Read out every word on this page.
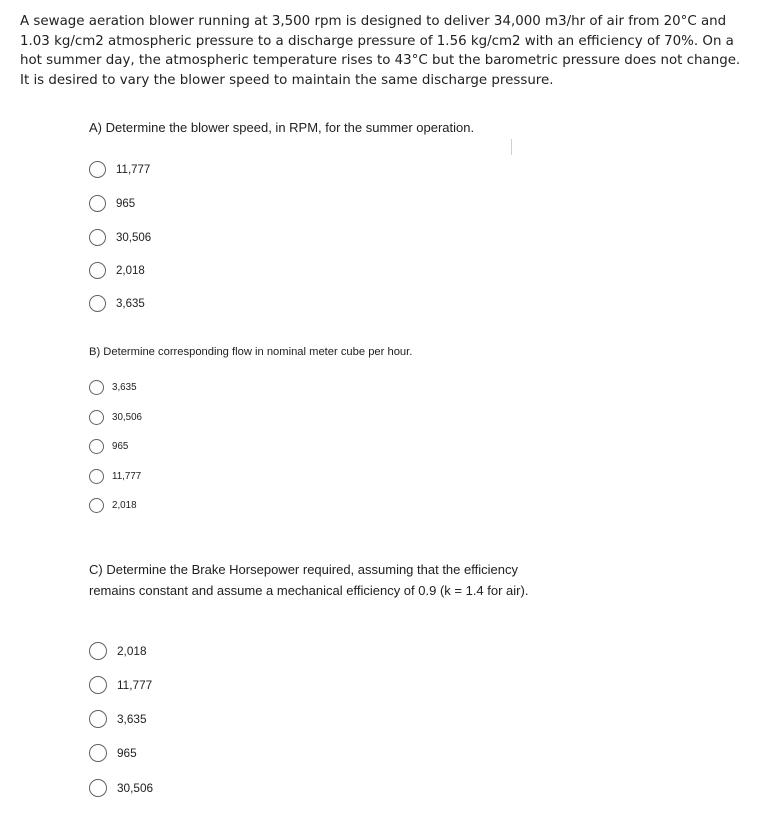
A sewage aeration blower running at 3,500 rpm is designed to deliver 34,000 m3/hr of air from 20°C and 1.03 kg/cm2 atmospheric pressure to a discharge pressure of 1.56 kg/cm2 with an efficiency of 70%. On a hot summer day, the atmospheric temperature rises to 43°C but the barometric pressure does not change. It is desired to vary the blower speed to maintain the same discharge pressure.

A) Determine the blower speed, in RPM, for the summer operation.

11,777
965
30,506
2,018
3,635

B) Determine corresponding flow in nominal meter cube per hour.

3,635
30,506
965
11,777
2,018

C) Determine the Brake Horsepower required, assuming that the efficiency remains constant and assume a mechanical efficiency of 0.9 (k = 1.4 for air).

2,018
11,777
3,635
965
30,506
